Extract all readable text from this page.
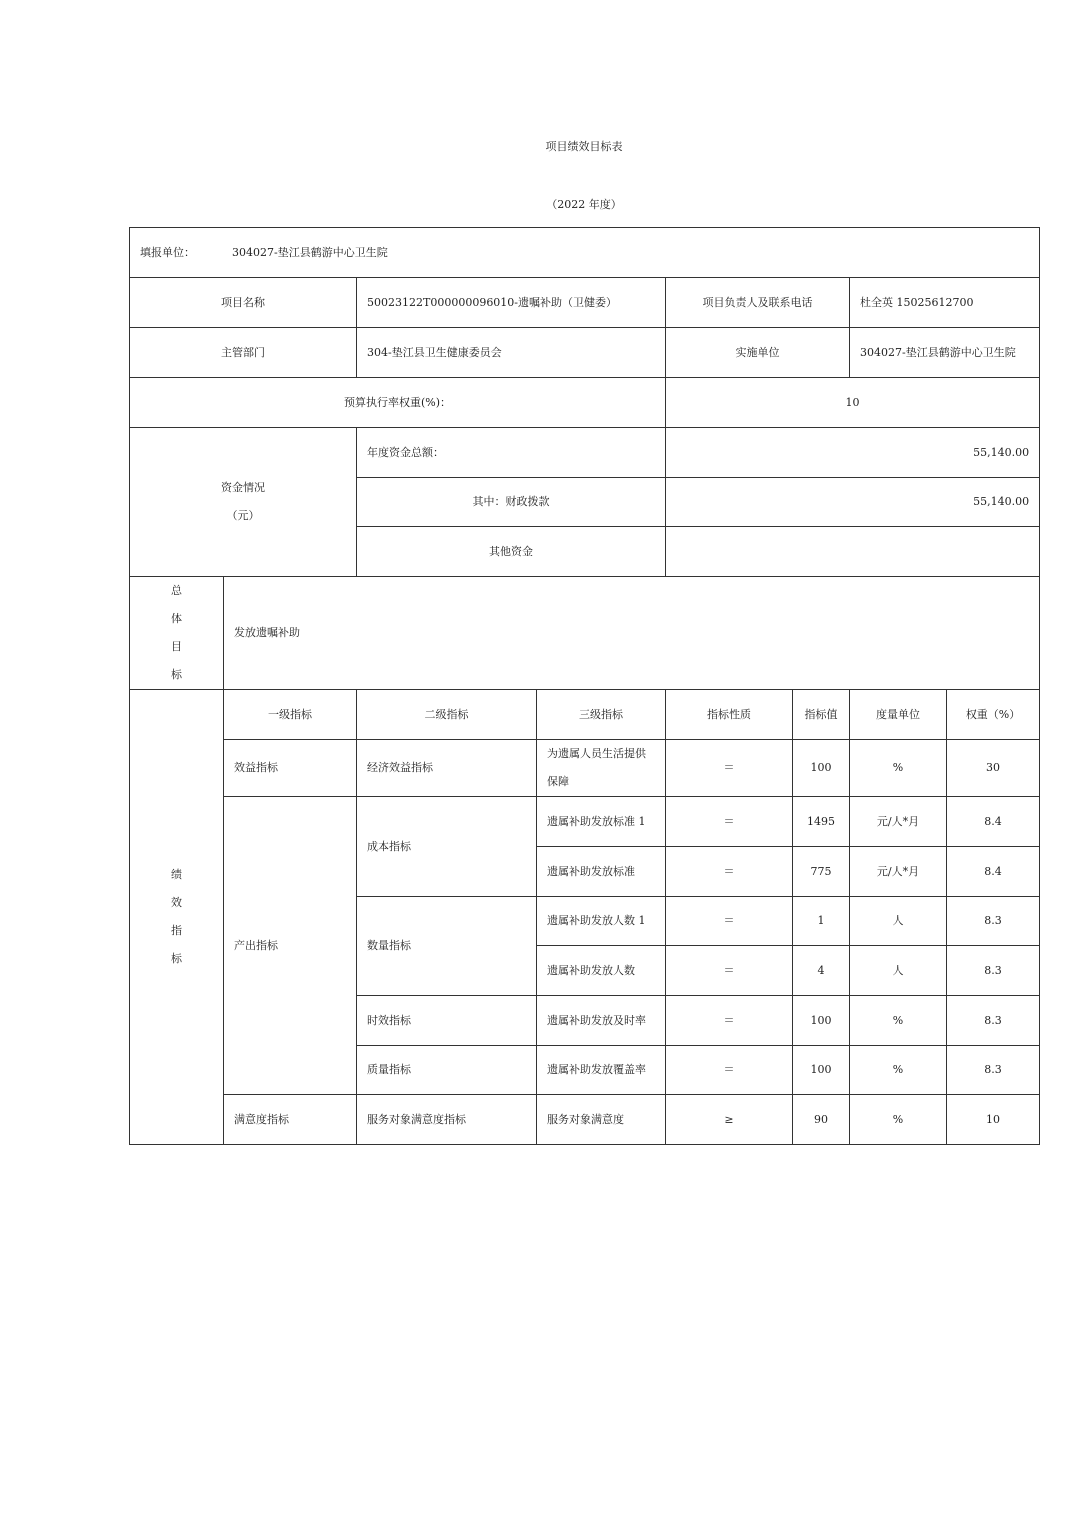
项目绩效目标表
（2022 年度）
填报单位： 304027-垫江县鹤游中心卫生院							
项目名称		50023122T000000096010-遗嘱补助（卫健委）		项目负责人及联系电话		杜全英 15025612700	
主管部门		304-垫江县卫生健康委员会		实施单位		304027-垫江县鹤游中心卫生院	
预算执行率权重(%)：				10			

资金情况
（元）		年度资金总额：		55,140.00			
		其中：财政拨款		55,140.00			
		其他资金					

总
体
目
标	发放遗嘱补助						

绩
效
指
标	一级指标	二级指标	三级指标	指标性质	指标值	度量单位	权重（%）
	效益指标	经济效益指标	为遗属人员生活提供保障	＝	100	%	30
	产出指标	成本指标	遗属补助发放标准 1	＝	1495	元/人*月	8.4
			遗属补助发放标准	＝	775	元/人*月	8.4
		数量指标	遗属补助发放人数 1	＝	1	人	8.3
			遗属补助发放人数	＝	4	人	8.3
		时效指标	遗属补助发放及时率	＝	100	%	8.3
		质量指标	遗属补助发放覆盖率	＝	100	%	8.3
	满意度指标	服务对象满意度指标	服务对象满意度	≥	90	%	10
